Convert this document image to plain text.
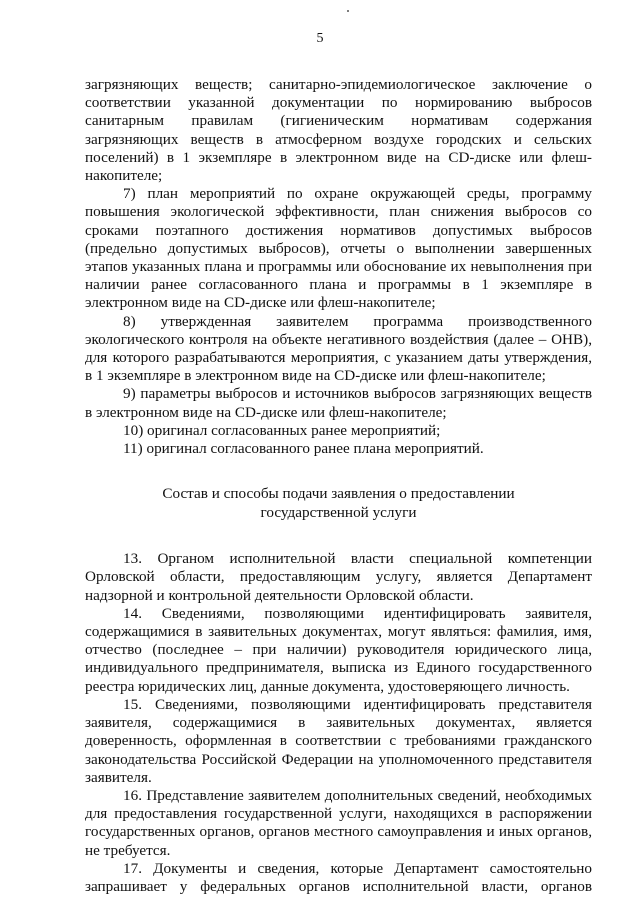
5

загрязняющих веществ; санитарно-эпидемиологическое заключение о соответствии указанной документации по нормированию выбросов санитарным правилам (гигиеническим нормативам содержания загрязняющих веществ в атмосферном воздухе городских и сельских поселений) в 1 экземпляре в электронном виде на CD-диске или флеш-накопителе;

7) план мероприятий по охране окружающей среды, программу повышения экологической эффективности, план снижения выбросов со сроками поэтапного достижения нормативов допустимых выбросов (предельно допустимых выбросов), отчеты о выполнении завершенных этапов указанных плана и программы или обоснование их невыполнения при наличии ранее согласованного плана и программы в 1 экземпляре в электронном виде на CD-диске или флеш-накопителе;

8) утвержденная заявителем программа производственного экологического контроля на объекте негативного воздействия (далее – ОНВ), для которого разрабатываются мероприятия, с указанием даты утверждения, в 1 экземпляре в электронном виде на CD-диске или флеш-накопителе;

9) параметры выбросов и источников выбросов загрязняющих веществ в электронном виде на CD-диске или флеш-накопителе;

10) оригинал согласованных ранее мероприятий;

11) оригинал согласованного ранее плана мероприятий.

Состав и способы подачи заявления о предоставлении
государственной услуги

13. Органом исполнительной власти специальной компетенции Орловской области, предоставляющим услугу, является Департамент надзорной и контрольной деятельности Орловской области.

14. Сведениями, позволяющими идентифицировать заявителя, содержащимися в заявительных документах, могут являться: фамилия, имя, отчество (последнее – при наличии) руководителя юридического лица, индивидуального предпринимателя, выписка из Единого государственного реестра юридических лиц, данные документа, удостоверяющего личность.

15. Сведениями, позволяющими идентифицировать представителя заявителя, содержащимися в заявительных документах, является доверенность, оформленная в соответствии с требованиями гражданского законодательства Российской Федерации на уполномоченного представителя заявителя.

16. Представление заявителем дополнительных сведений, необходимых для предоставления государственной услуги, находящихся в распоряжении государственных органов, органов местного самоуправления и иных органов, не требуется.

17. Документы и сведения, которые Департамент самостоятельно запрашивает у федеральных органов исполнительной власти, органов
